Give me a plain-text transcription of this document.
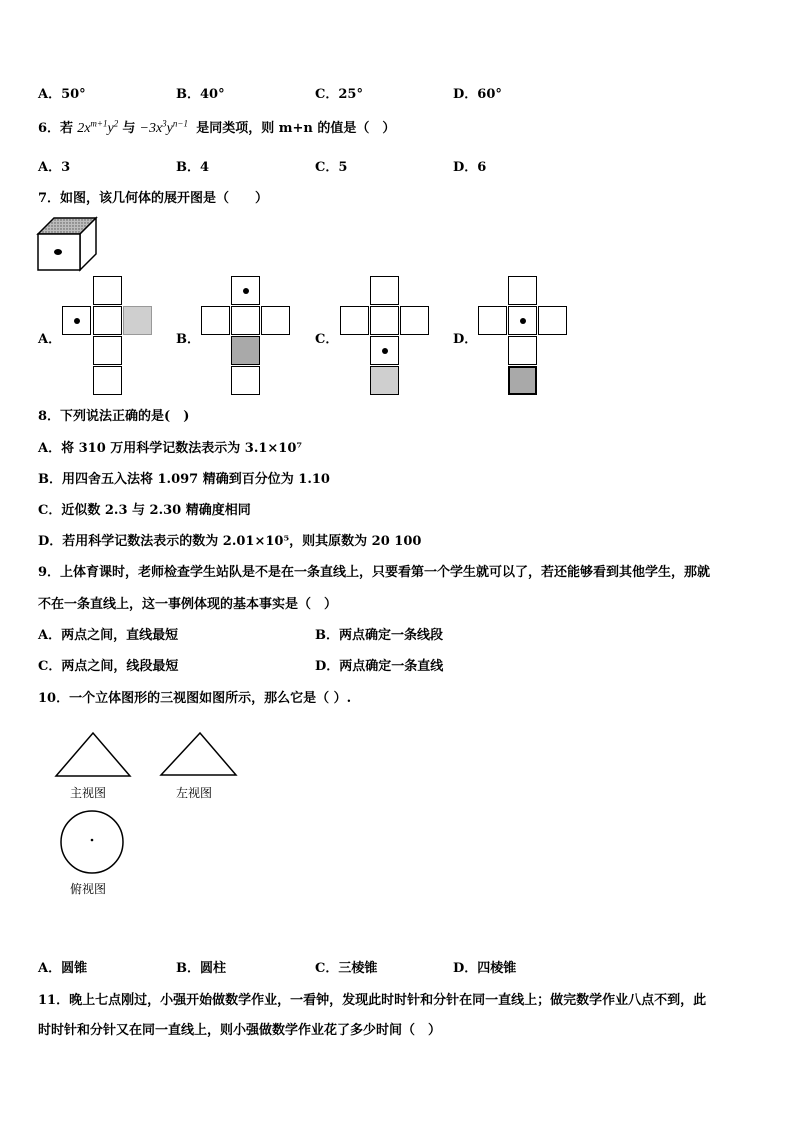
A．50°	B．40°	C．25°	D．60°
6．若 $2x^{m+1}y^2$ 与 $-3x^3y^{n-1}$ 是同类项，则 m+n 的值是（　）
A．3	B．4	C．5	D．6
7．如图，该几何体的展开图是（　　）
A．	B．	C．	D．
8．下列说法正确的是(　)
A．将 310 万用科学记数法表示为 3.1×10⁷
B．用四舍五入法将 1.097 精确到百分位为 1.10
C．近似数 2.3 与 2.30 精确度相同
D．若用科学记数法表示的数为 2.01×10⁵，则其原数为 20 100
9．上体育课时，老师检查学生站队是不是在一条直线上，只要看第一个学生就可以了，若还能够看到其他学生，那就
不在一条直线上，这一事例体现的基本事实是（　）
A．两点之间，直线最短	B．两点确定一条线段
C．两点之间，线段最短	D．两点确定一条直线
10．一个立体图形的三视图如图所示，那么它是（ ）.
主视图	左视图
俯视图
A．圆锥	B．圆柱	C．三棱锥	D．四棱锥
11．晚上七点刚过，小强开始做数学作业，一看钟，发现此时时针和分针在同一直线上；做完数学作业八点不到，此
时时针和分针又在同一直线上，则小强做数学作业花了多少时间（　）
